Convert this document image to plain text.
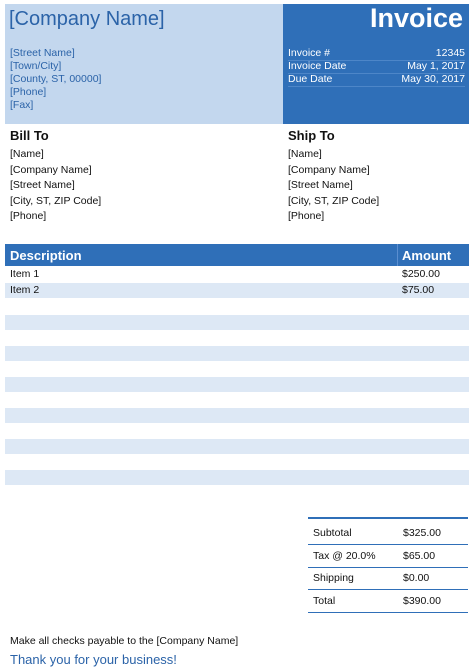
[Company Name]	Invoice
[Street Name]
[Town/City]
[County, ST, 00000]
[Phone]
[Fax]
Invoice #	12345
Invoice Date	May 1, 2017
Due Date	May 30, 2017
Bill To
[Name]
[Company Name]
[Street Name]
[City, ST, ZIP Code]
[Phone]
Ship To
[Name]
[Company Name]
[Street Name]
[City, ST, ZIP Code]
[Phone]
Description	Amount
Item 1	$250.00
Item 2	$75.00
Subtotal	$325.00
Tax @ 20.0%	$65.00
Shipping	$0.00
Total	$390.00
Make all checks payable to the [Company Name]
Thank you for your business!
